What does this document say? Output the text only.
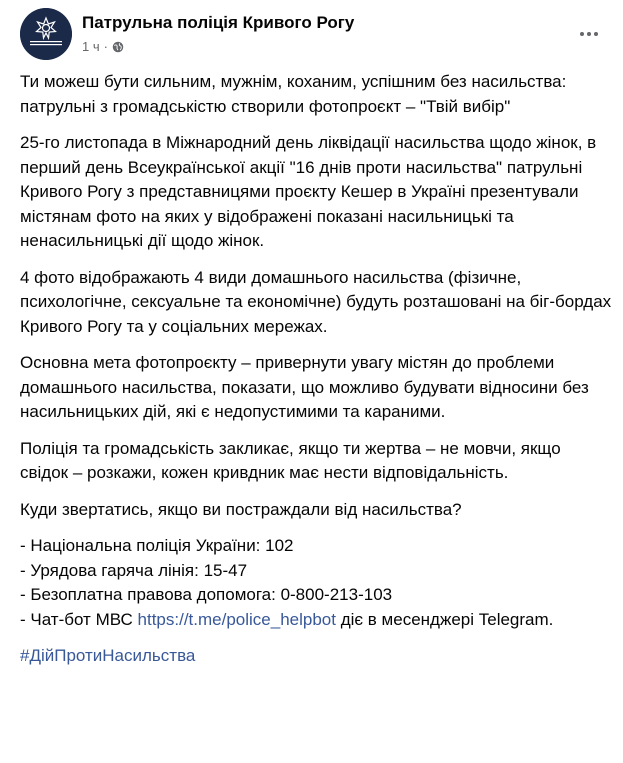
Патрульна поліція Кривого Рогу
1 ч ·

Ти можеш бути сильним, мужнім, коханим, успішним без насильства: патрульні з громадськістю створили фотопроєкт – "Твій вибір"

25-го листопада в Міжнародний день ліквідації насильства щодо жінок, в перший день Всеукраїнської акції "16 днів проти насильства" патрульні Кривого Рогу з представницями проєкту Кешер в Україні презентували містянам фото на яких у відображені показані насильницькі та ненасильницькі дії щодо жінок.

4 фото відображають 4 види домашнього насильства (фізичне, психологічне, сексуальне та економічне) будуть розташовані на біг-бордах Кривого Рогу та у соціальних мережах.

Основна мета фотопроєкту – привернути увагу містян до проблеми домашнього насильства, показати, що можливо будувати відносини без насильницьких дій, які є недопустимими та караними.

Поліція та громадськість закликає, якщо ти жертва – не мовчи, якщо свідок – розкажи, кожен кривдник має нести відповідальність.

Куди звертатись, якщо ви постраждали від насильства?

- Національна поліція України: 102

- Урядова гаряча лінія: 15-47

- Безоплатна правова допомога: 0-800-213-103

- Чат-бот МВС https://t.me/police_helpbot діє в месенджері Telegram.

#ДійПротиНасильства
